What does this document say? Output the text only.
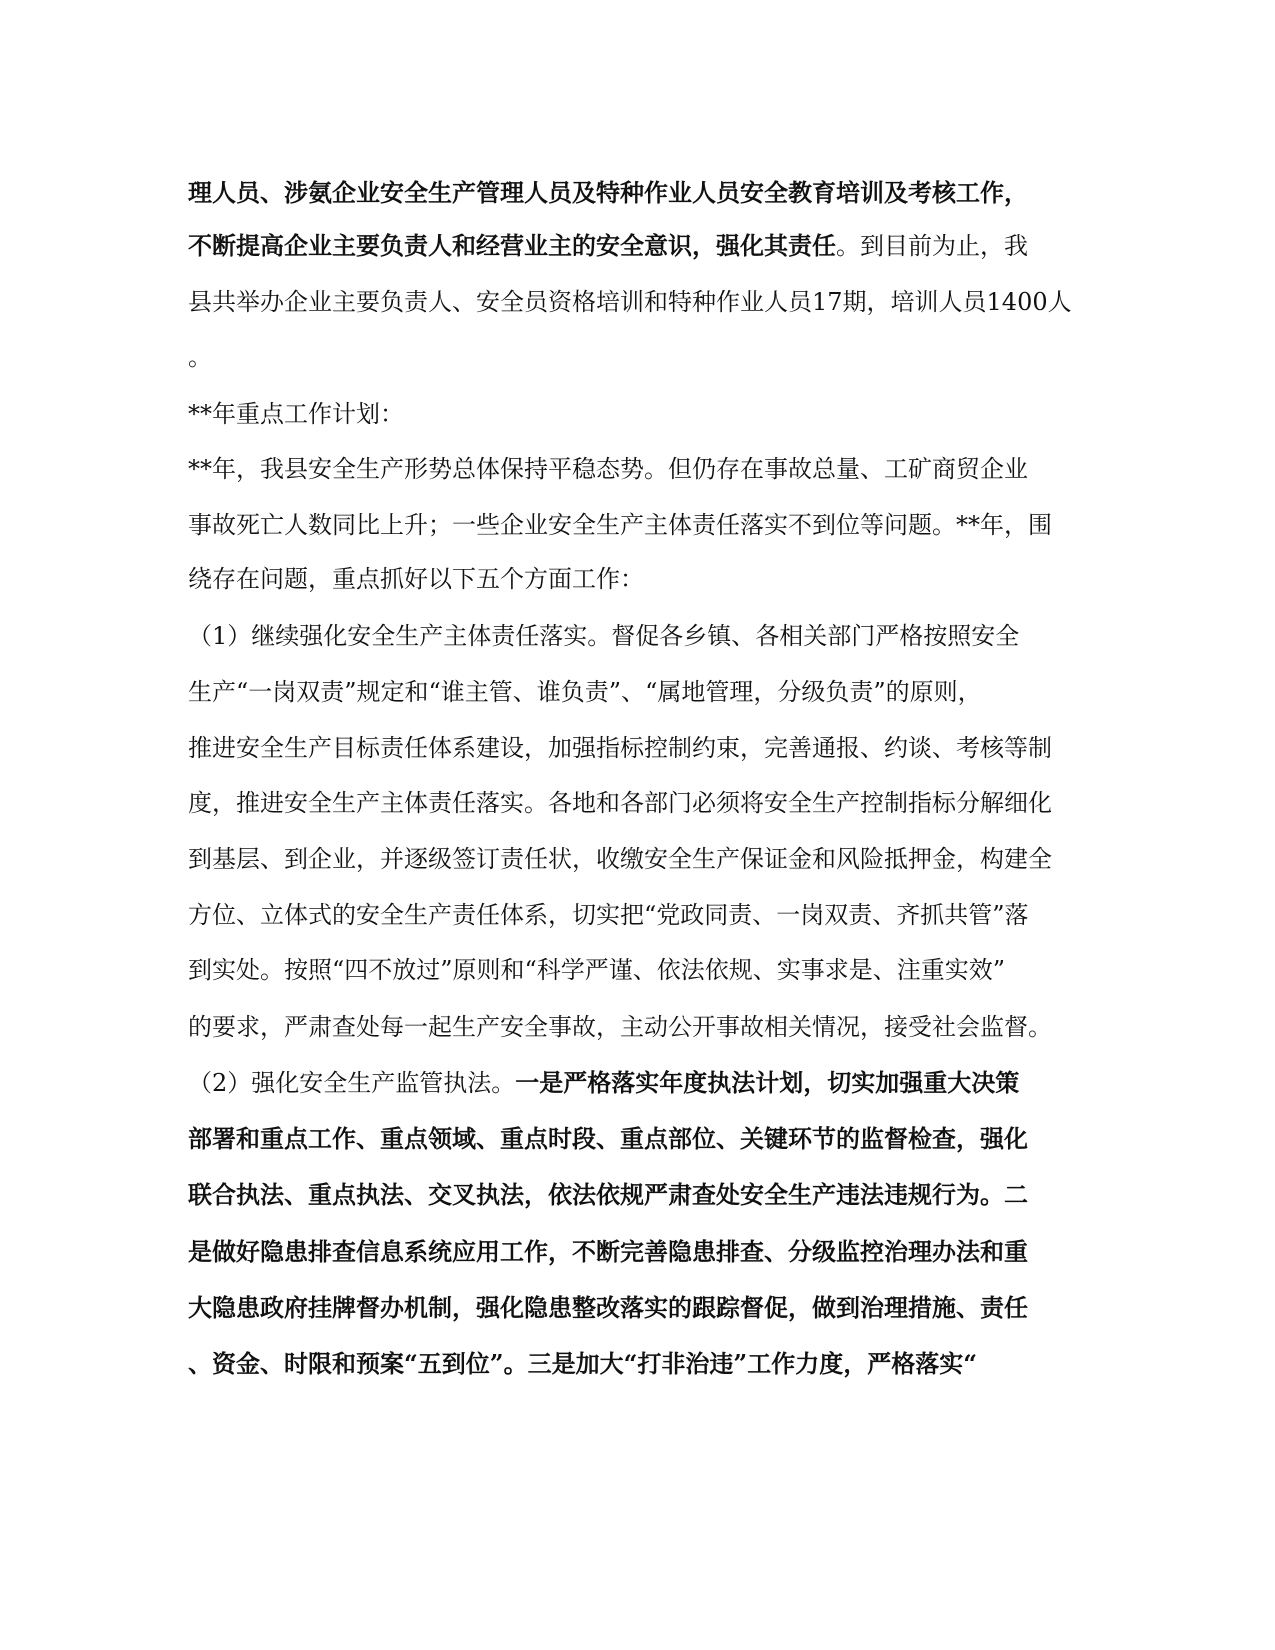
理人员、涉氨企业安全生产管理人员及特种作业人员安全教育培训及考核工作，
不断提高企业主要负责人和经营业主的安全意识，强化其责任。到目前为止，我
县共举办企业主要负责人、安全员资格培训和特种作业人员17期，培训人员1400人
。
**年重点工作计划：
**年，我县安全生产形势总体保持平稳态势。但仍存在事故总量、工矿商贸企业
事故死亡人数同比上升；一些企业安全生产主体责任落实不到位等问题。**年，围
绕存在问题，重点抓好以下五个方面工作：
（1）继续强化安全生产主体责任落实。督促各乡镇、各相关部门严格按照安全
生产“一岗双责”规定和“谁主管、谁负责”、“属地管理，分级负责”的原则，
推进安全生产目标责任体系建设，加强指标控制约束，完善通报、约谈、考核等制
度，推进安全生产主体责任落实。各地和各部门必须将安全生产控制指标分解细化
到基层、到企业，并逐级签订责任状，收缴安全生产保证金和风险抵押金，构建全
方位、立体式的安全生产责任体系，切实把“党政同责、一岗双责、齐抓共管”落
到实处。按照“四不放过”原则和“科学严谨、依法依规、实事求是、注重实效”
的要求，严肃查处每一起生产安全事故，主动公开事故相关情况，接受社会监督。
（2）强化安全生产监管执法。一是严格落实年度执法计划，切实加强重大决策
部署和重点工作、重点领域、重点时段、重点部位、关键环节的监督检查，强化
联合执法、重点执法、交叉执法，依法依规严肃查处安全生产违法违规行为。二
是做好隐患排查信息系统应用工作，不断完善隐患排查、分级监控治理办法和重
大隐患政府挂牌督办机制，强化隐患整改落实的跟踪督促，做到治理措施、责任
、资金、时限和预案“五到位”。三是加大“打非治违”工作力度，严格落实“
